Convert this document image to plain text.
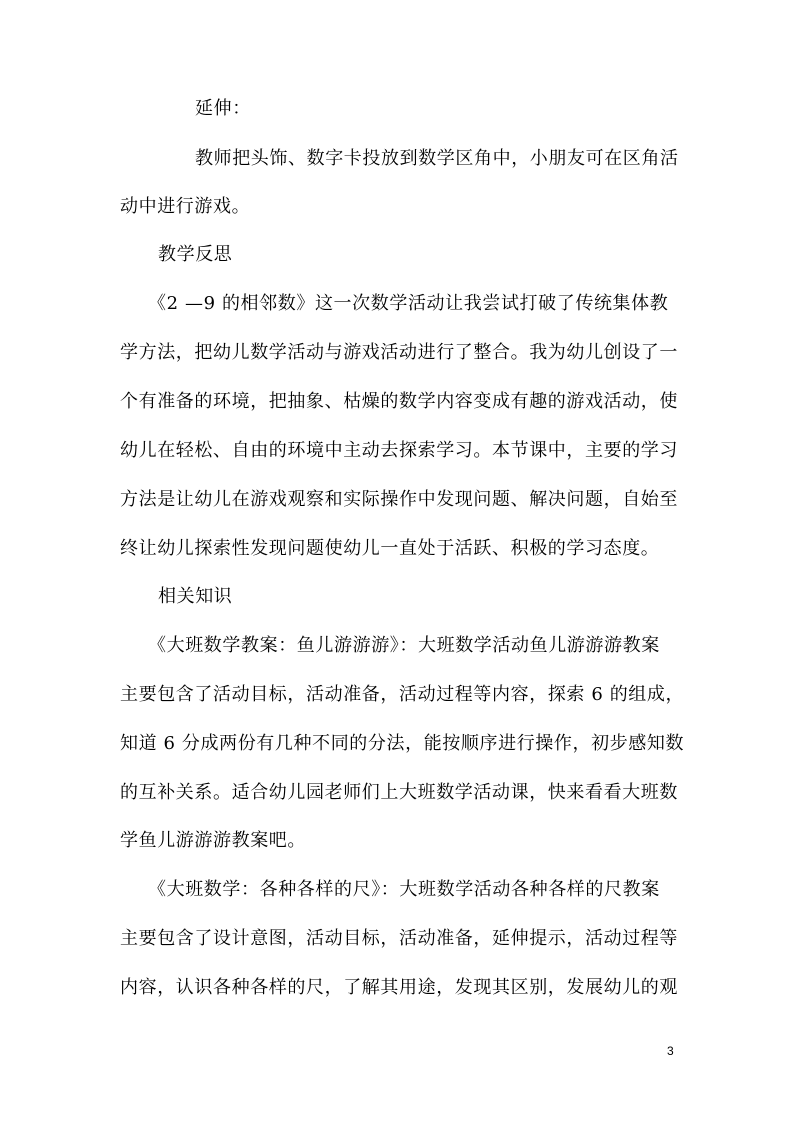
延伸：
教师把头饰、数字卡投放到数学区角中，小朋友可在区角活
动中进行游戏。
教学反思
《2 —9 的相邻数》这一次数学活动让我尝试打破了传统集体教
学方法，把幼儿数学活动与游戏活动进行了整合。我为幼儿创设了一
个有准备的环境，把抽象、枯燥的数学内容变成有趣的游戏活动，使
幼儿在轻松、自由的环境中主动去探索学习。本节课中，主要的学习
方法是让幼儿在游戏观察和实际操作中发现问题、解决问题，自始至
终让幼儿探索性发现问题使幼儿一直处于活跃、积极的学习态度。
相关知识
《大班数学教案：鱼儿游游游》：大班数学活动鱼儿游游游教案
主要包含了活动目标，活动准备，活动过程等内容，探索 6 的组成，
知道 6 分成两份有几种不同的分法，能按顺序进行操作，初步感知数
的互补关系。适合幼儿园老师们上大班数学活动课，快来看看大班数
学鱼儿游游游教案吧。
《大班数学：各种各样的尺》：大班数学活动各种各样的尺教案
主要包含了设计意图，活动目标，活动准备，延伸提示，活动过程等
内容，认识各种各样的尺，了解其用途，发现其区别，发展幼儿的观
3
